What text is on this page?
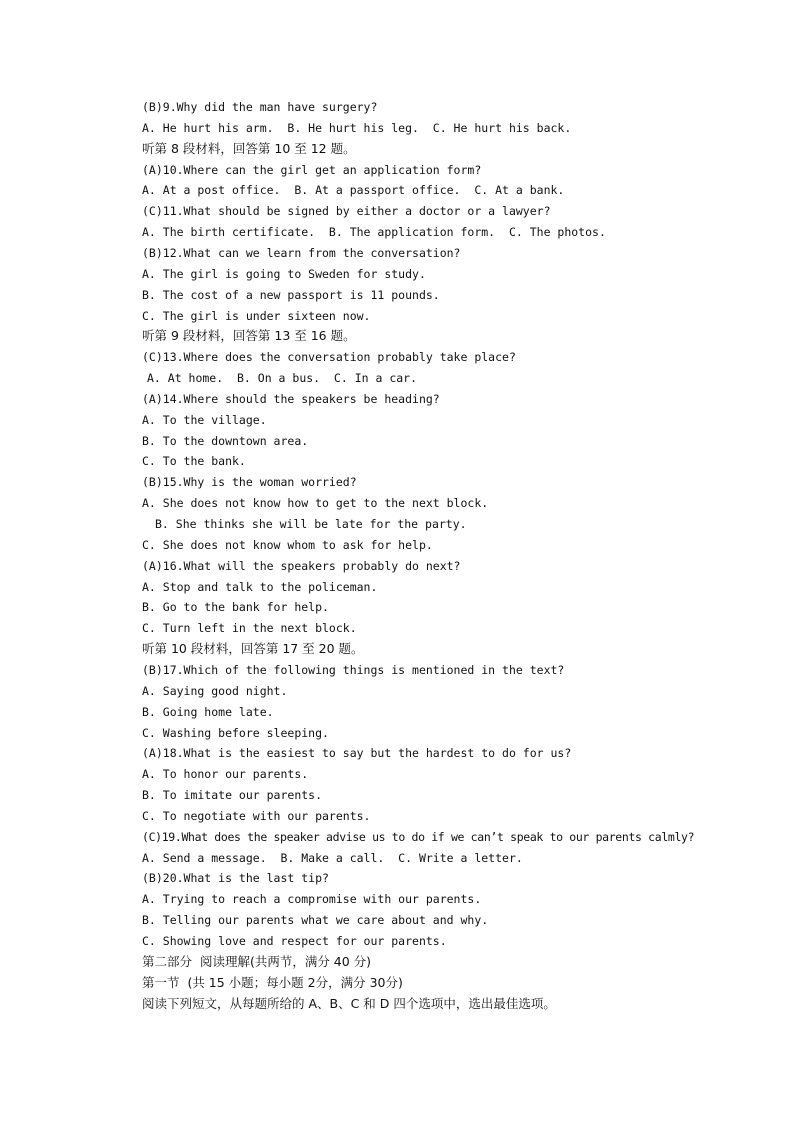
(B)9.Why did the man have surgery?
A. He hurt his arm.  B. He hurt his leg.  C. He hurt his back.
听第 8 段材料，回答第 10 至 12 题。
(A)10.Where can the girl get an application form?
A. At a post office.  B. At a passport office.  C. At a bank.
(C)11.What should be signed by either a doctor or a lawyer?
A. The birth certificate.  B. The application form.  C. The photos.
(B)12.What can we learn from the conversation?
A. The girl is going to Sweden for study.
B. The cost of a new passport is 11 pounds.
C. The girl is under sixteen now.
听第 9 段材料，回答第 13 至 16 题。
(C)13.Where does the conversation probably take place?
A. At home.  B. On a bus.  C. In a car.
(A)14.Where should the speakers be heading?
A. To the village.
B. To the downtown area.
C. To the bank.
(B)15.Why is the woman worried?
A. She does not know how to get to the next block.
B. She thinks she will be late for the party.
C. She does not know whom to ask for help.
(A)16.What will the speakers probably do next?
A. Stop and talk to the policeman.
B. Go to the bank for help.
C. Turn left in the next block.
听第 10 段材料，回答第 17 至 20 题。
(B)17.Which of the following things is mentioned in the text?
A. Saying good night.
B. Going home late.
C. Washing before sleeping.
(A)18.What is the easiest to say but the hardest to do for us?
A. To honor our parents.
B. To imitate our parents.
C. To negotiate with our parents.
(C)19.What does the speaker advise us to do if we can’t speak to our parents calmly?
A. Send a message.  B. Make a call.  C. Write a letter.
(B)20.What is the last tip?
A. Trying to reach a compromise with our parents.
B. Telling our parents what we care about and why.
C. Showing love and respect for our parents.
第二部分  阅读理解(共两节，满分 40 分)
第一节  (共 15 小题；每小题 2分，满分 30分)
阅读下列短文，从每题所给的 A、B、C 和 D 四个选项中，选出最佳选项。
